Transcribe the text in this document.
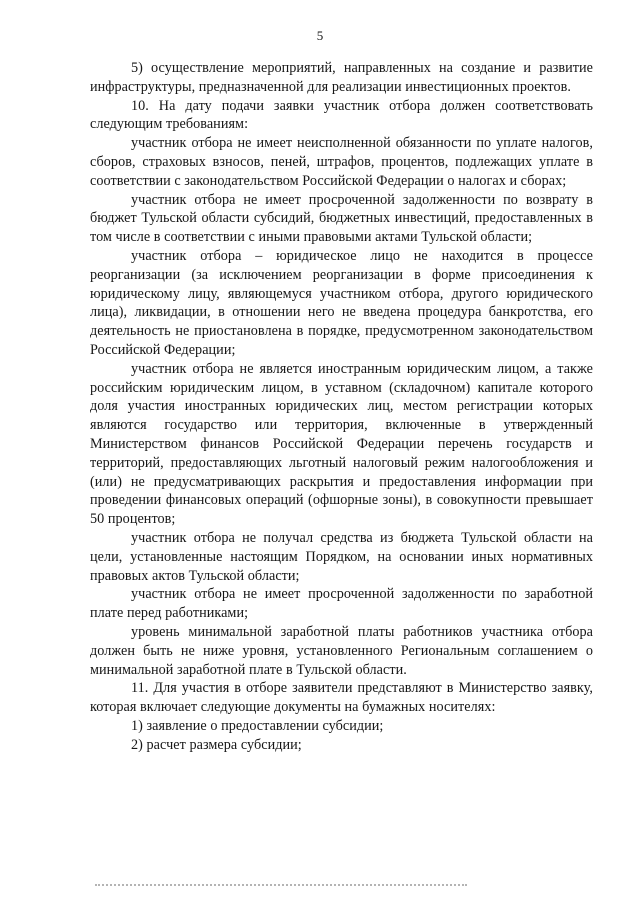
5

5) осуществление мероприятий, направленных на создание и развитие инфраструктуры, предназначенной для реализации инвестиционных проектов.

10. На дату подачи заявки участник отбора должен соответствовать следующим требованиям:

участник отбора не имеет неисполненной обязанности по уплате налогов, сборов, страховых взносов, пеней, штрафов, процентов, подлежащих уплате в соответствии с законодательством Российской Федерации о налогах и сборах;

участник отбора не имеет просроченной задолженности по возврату в бюджет Тульской области субсидий, бюджетных инвестиций, предоставленных в том числе в соответствии с иными правовыми актами Тульской области;

участник отбора – юридическое лицо не находится в процессе реорганизации (за исключением реорганизации в форме присоединения к юридическому лицу, являющемуся участником отбора, другого юридического лица), ликвидации, в отношении него не введена процедура банкротства, его деятельность не приостановлена в порядке, предусмотренном законодательством Российской Федерации;

участник отбора не является иностранным юридическим лицом, а также российским юридическим лицом, в уставном (складочном) капитале которого доля участия иностранных юридических лиц, местом регистрации которых являются государство или территория, включенные в утвержденный Министерством финансов Российской Федерации перечень государств и территорий, предоставляющих льготный налоговый режим налогообложения и (или) не предусматривающих раскрытия и предоставления информации при проведении финансовых операций (офшорные зоны), в совокупности превышает 50 процентов;

участник отбора не получал средства из бюджета Тульской области на цели, установленные настоящим Порядком, на основании иных нормативных правовых актов Тульской области;

участник отбора не имеет просроченной задолженности по заработной плате перед работниками;

уровень минимальной заработной платы работников участника отбора должен быть не ниже уровня, установленного Региональным соглашением о минимальной заработной плате в Тульской области.

11. Для участия в отборе заявители представляют в Министерство заявку, которая включает следующие документы на бумажных носителях:

1) заявление о предоставлении субсидии;

2) расчет размера субсидии;
